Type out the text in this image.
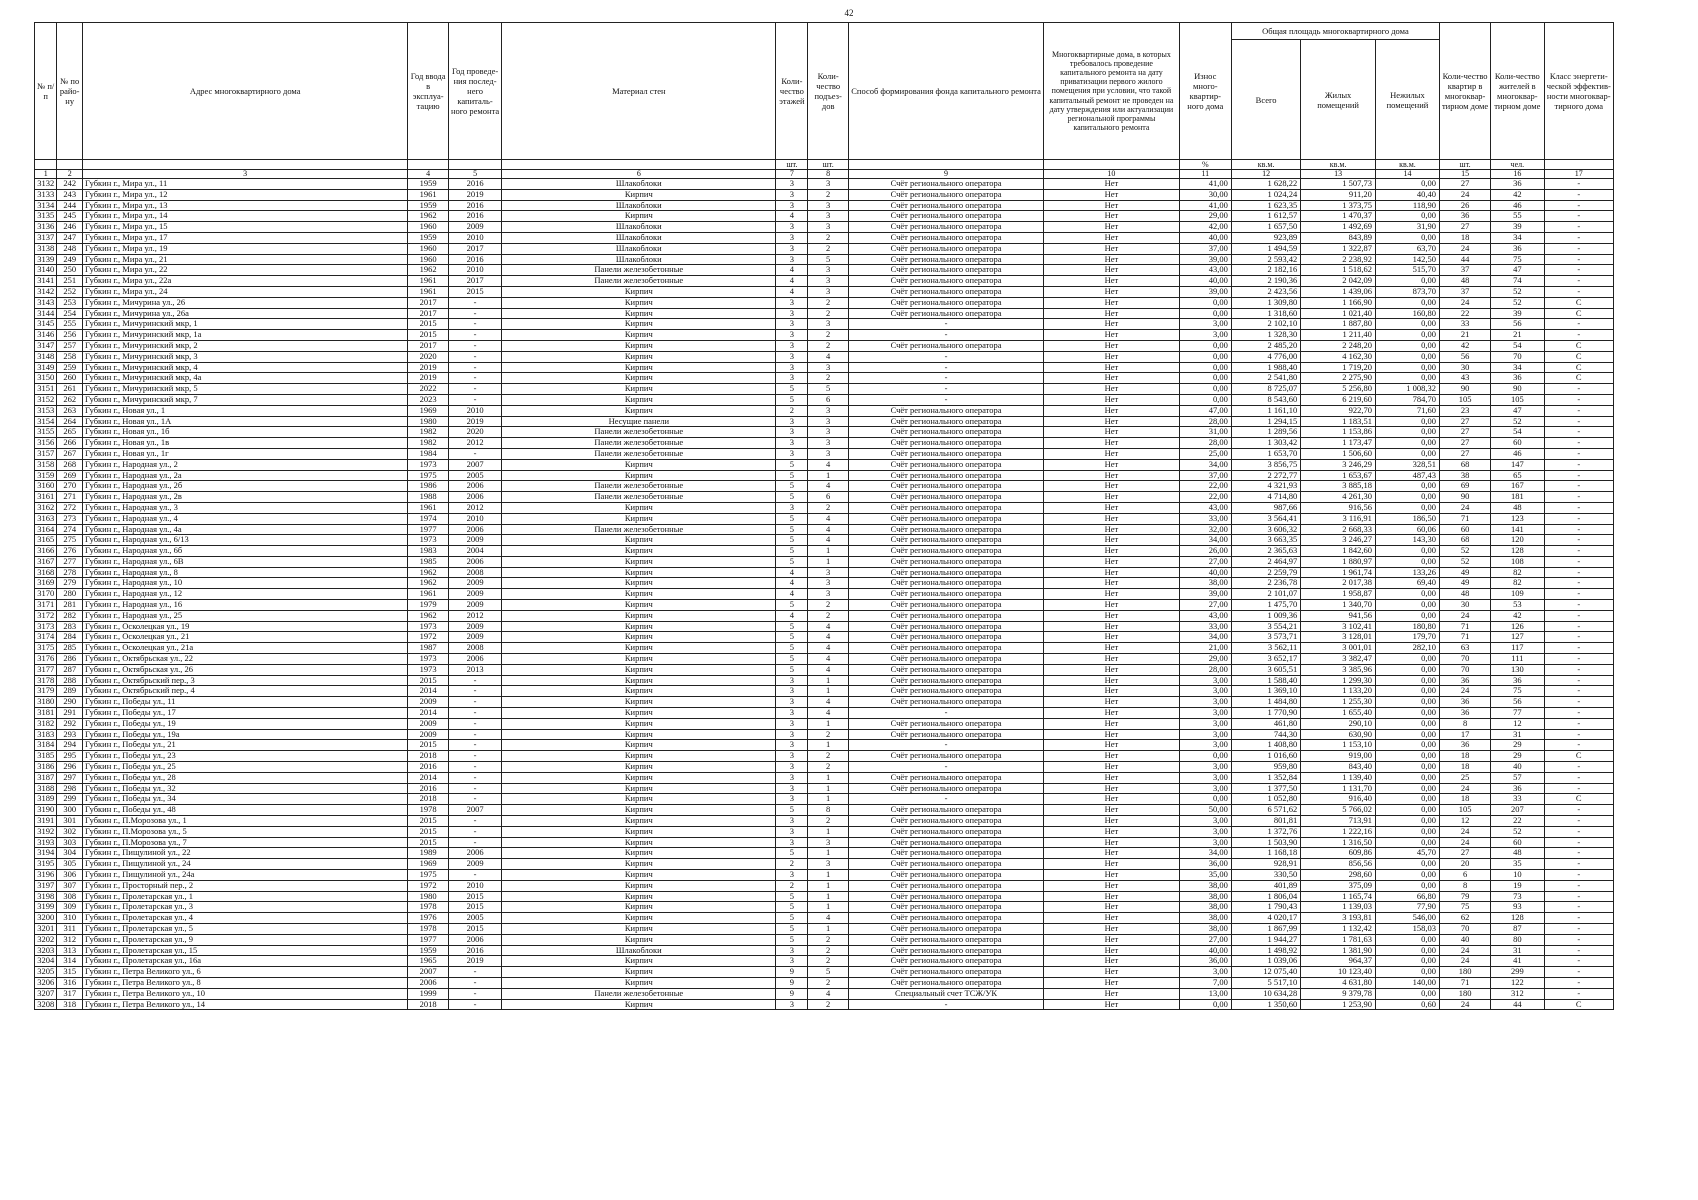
42
№ п/п	№ по райо-ну	Адрес многоквартирного дома	Год ввода в эксплуа-тацию	Год проведе-ния послед-него капиталь-ного ремонта	Материал стен	Коли-чество этажей	Коли-чество подъез-дов	Способ формирования фонда капитального ремонта	Многоквартирные дома, в которых требовалось проведение капитального ремонта на дату приватизации первого жилого помещения при условии, что такой капитальный ремонт не проведен на дату утверждения или актуализации региональной программы капитального ремонта	Износ много-квартир-ного дома	Общая площадь многоквартирного дома			Коли-чество квартир в многоквар-тирном доме	Коли-чество жителей в многоквар-тирном доме	Класс энергети-ческой эффектив-ности многоквар-тирного дома
											Всего	Жилых помещений	Нежилых помещений			
						шт.	шт.			%	кв.м.	кв.м.	кв.м.	шт.	чел.	
1	2	3	4	5	6	7	8	9	10	11	12	13	14	15	16	17
3132	242	Губкин г., Мира ул., 11	1959	2016	Шлакоблоки	3	3	Счёт регионального оператора	Нет	41,00	1 628,22	1 507,73	0,00	27	36	-
3133	243	Губкин г., Мира ул., 12	1961	2019	Кирпич	3	2	Счёт регионального оператора	Нет	30,00	1 024,24	911,20	40,40	24	42	-
3134	244	Губкин г., Мира ул., 13	1959	2016	Шлакоблоки	3	3	Счёт регионального оператора	Нет	41,00	1 623,35	1 373,75	118,90	26	46	-
3135	245	Губкин г., Мира ул., 14	1962	2016	Кирпич	4	3	Счёт регионального оператора	Нет	29,00	1 612,57	1 470,37	0,00	36	55	-
3136	246	Губкин г., Мира ул., 15	1960	2009	Шлакоблоки	3	3	Счёт регионального оператора	Нет	42,00	1 657,50	1 492,69	31,90	27	39	-
3137	247	Губкин г., Мира ул., 17	1959	2010	Шлакоблоки	3	2	Счёт регионального оператора	Нет	40,00	923,89	843,89	0,00	18	34	-
3138	248	Губкин г., Мира ул., 19	1960	2017	Шлакоблоки	3	2	Счёт регионального оператора	Нет	37,00	1 494,59	1 322,87	63,70	24	36	-
3139	249	Губкин г., Мира ул., 21	1960	2016	Шлакоблоки	3	5	Счёт регионального оператора	Нет	39,00	2 593,42	2 238,92	142,50	44	75	-
3140	250	Губкин г., Мира ул., 22	1962	2010	Панели железобетонные	4	3	Счёт регионального оператора	Нет	43,00	2 182,16	1 518,62	515,70	37	47	-
3141	251	Губкин г., Мира ул., 22а	1961	2017	Панели железобетонные	4	3	Счёт регионального оператора	Нет	40,00	2 190,36	2 042,09	0,00	48	74	-
3142	252	Губкин г., Мира ул., 24	1961	2015	Кирпич	4	3	Счёт регионального оператора	Нет	39,00	2 423,56	1 439,06	873,70	37	52	-
3143	253	Губкин г., Мичурина ул., 26	2017	-	Кирпич	3	2	Счёт регионального оператора	Нет	0,00	1 309,80	1 166,90	0,00	24	52	C
3144	254	Губкин г., Мичурина ул., 26а	2017	-	Кирпич	3	2	Счёт регионального оператора	Нет	0,00	1 318,60	1 021,40	160,80	22	39	C
3145	255	Губкин г., Мичуринский мкр, 1	2015	-	Кирпич	3	3	-	Нет	3,00	2 102,10	1 887,80	0,00	33	56	-
3146	256	Губкин г., Мичуринский мкр, 1а	2015	-	Кирпич	3	2	-	Нет	3,00	1 328,30	1 211,40	0,00	21	21	-
3147	257	Губкин г., Мичуринский мкр, 2	2017	-	Кирпич	3	2	Счёт регионального оператора	Нет	0,00	2 485,20	2 248,20	0,00	42	54	C
3148	258	Губкин г., Мичуринский мкр, 3	2020	-	Кирпич	3	4	-	Нет	0,00	4 776,00	4 162,30	0,00	56	70	C
3149	259	Губкин г., Мичуринский мкр, 4	2019	-	Кирпич	3	3	-	Нет	0,00	1 988,40	1 719,20	0,00	30	34	C
3150	260	Губкин г., Мичуринский мкр, 4а	2019	-	Кирпич	3	2	-	Нет	0,00	2 541,80	2 275,90	0,00	43	36	C
3151	261	Губкин г., Мичуринский мкр, 5	2022	-	Кирпич	5	5	-	Нет	0,00	8 725,07	5 256,80	1 008,32	90	90	-
3152	262	Губкин г., Мичуринский мкр, 7	2023	-	Кирпич	5	6	-	Нет	0,00	8 543,60	6 219,60	784,70	105	105	-
3153	263	Губкин г., Новая ул., 1	1969	2010	Кирпич	2	3	Счёт регионального оператора	Нет	47,00	1 161,10	922,70	71,60	23	47	-
3154	264	Губкин г., Новая ул., 1А	1980	2019	Несущие панели	3	3	Счёт регионального оператора	Нет	28,00	1 294,15	1 183,51	0,00	27	52	-
3155	265	Губкин г., Новая ул., 1б	1982	2020	Панели железобетонные	3	3	Счёт регионального оператора	Нет	31,00	1 289,56	1 153,86	0,00	27	54	-
3156	266	Губкин г., Новая ул., 1в	1982	2012	Панели железобетонные	3	3	Счёт регионального оператора	Нет	28,00	1 303,42	1 173,47	0,00	27	60	-
3157	267	Губкин г., Новая ул., 1г	1984	-	Панели железобетонные	3	3	Счёт регионального оператора	Нет	25,00	1 653,70	1 506,60	0,00	27	46	-
3158	268	Губкин г., Народная ул., 2	1973	2007	Кирпич	5	4	Счёт регионального оператора	Нет	34,00	3 856,75	3 246,29	328,51	68	147	-
3159	269	Губкин г., Народная ул., 2а	1975	2005	Кирпич	5	1	Счёт регионального оператора	Нет	37,00	2 272,77	1 653,67	487,43	38	65	-
3160	270	Губкин г., Народная ул., 2б	1986	2006	Панели железобетонные	5	4	Счёт регионального оператора	Нет	22,00	4 321,93	3 885,18	0,00	69	167	-
3161	271	Губкин г., Народная ул., 2в	1988	2006	Панели железобетонные	5	6	Счёт регионального оператора	Нет	22,00	4 714,80	4 261,30	0,00	90	181	-
3162	272	Губкин г., Народная ул., 3	1961	2012	Кирпич	3	2	Счёт регионального оператора	Нет	43,00	987,66	916,56	0,00	24	48	-
3163	273	Губкин г., Народная ул., 4	1974	2010	Кирпич	5	4	Счёт регионального оператора	Нет	33,00	3 564,41	3 116,91	186,50	71	123	-
3164	274	Губкин г., Народная ул., 4а	1977	2006	Панели железобетонные	5	4	Счёт регионального оператора	Нет	32,00	3 606,32	2 668,33	60,06	60	141	-
3165	275	Губкин г., Народная ул., 6/13	1973	2009	Кирпич	5	4	Счёт регионального оператора	Нет	34,00	3 663,35	3 246,27	143,30	68	120	-
3166	276	Губкин г., Народная ул., 6б	1983	2004	Кирпич	5	1	Счёт регионального оператора	Нет	26,00	2 365,63	1 842,60	0,00	52	128	-
3167	277	Губкин г., Народная ул., 6В	1985	2006	Кирпич	5	1	Счёт регионального оператора	Нет	27,00	2 464,97	1 880,97	0,00	52	108	-
3168	278	Губкин г., Народная ул., 8	1962	2008	Кирпич	4	3	Счёт регионального оператора	Нет	40,00	2 259,79	1 961,74	133,26	49	82	-
3169	279	Губкин г., Народная ул., 10	1962	2009	Кирпич	4	3	Счёт регионального оператора	Нет	38,00	2 236,78	2 017,38	69,40	49	82	-
3170	280	Губкин г., Народная ул., 12	1961	2009	Кирпич	4	3	Счёт регионального оператора	Нет	39,00	2 101,07	1 958,87	0,00	48	109	-
3171	281	Губкин г., Народная ул., 16	1979	2009	Кирпич	5	2	Счёт регионального оператора	Нет	27,00	1 475,70	1 340,70	0,00	30	53	-
3172	282	Губкин г., Народная ул., 25	1962	2012	Кирпич	4	2	Счёт регионального оператора	Нет	43,00	1 009,36	941,56	0,00	24	42	-
3173	283	Губкин г., Осколецкая ул., 19	1973	2009	Кирпич	5	4	Счёт регионального оператора	Нет	33,00	3 554,21	3 102,41	180,80	71	126	-
3174	284	Губкин г., Осколецкая ул., 21	1972	2009	Кирпич	5	4	Счёт регионального оператора	Нет	34,00	3 573,71	3 128,01	179,70	71	127	-
3175	285	Губкин г., Осколецкая ул., 21а	1987	2008	Кирпич	5	4	Счёт регионального оператора	Нет	21,00	3 562,11	3 001,01	282,10	63	117	-
3176	286	Губкин г., Октябрьская ул., 22	1973	2006	Кирпич	5	4	Счёт регионального оператора	Нет	29,00	3 652,17	3 382,47	0,00	70	111	-
3177	287	Губкин г., Октябрьская ул., 26	1973	2013	Кирпич	5	4	Счёт регионального оператора	Нет	28,00	3 605,51	3 385,96	0,00	70	130	-
3178	288	Губкин г., Октябрьский пер., 3	2015	-	Кирпич	3	1	Счёт регионального оператора	Нет	3,00	1 588,40	1 299,30	0,00	36	36	-
3179	289	Губкин г., Октябрьский пер., 4	2014	-	Кирпич	3	1	Счёт регионального оператора	Нет	3,00	1 369,10	1 133,20	0,00	24	75	-
3180	290	Губкин г., Победы ул., 11	2009	-	Кирпич	3	4	Счёт регионального оператора	Нет	3,00	1 484,80	1 255,30	0,00	36	56	-
3181	291	Губкин г., Победы ул., 17	2014	-	Кирпич	3	4	-	Нет	3,00	1 770,90	1 655,40	0,00	36	77	-
3182	292	Губкин г., Победы ул., 19	2009	-	Кирпич	3	1	Счёт регионального оператора	Нет	3,00	461,80	290,10	0,00	8	12	-
3183	293	Губкин г., Победы ул., 19а	2009	-	Кирпич	3	2	Счёт регионального оператора	Нет	3,00	744,30	630,90	0,00	17	31	-
3184	294	Губкин г., Победы ул., 21	2015	-	Кирпич	3	1	-	Нет	3,00	1 408,80	1 153,10	0,00	36	29	-
3185	295	Губкин г., Победы ул., 23	2018	-	Кирпич	3	2	Счёт регионального оператора	Нет	0,00	1 016,60	919,00	0,00	18	29	C
3186	296	Губкин г., Победы ул., 25	2016	-	Кирпич	3	2	-	Нет	3,00	959,80	843,40	0,00	18	40	-
3187	297	Губкин г., Победы ул., 28	2014	-	Кирпич	3	1	Счёт регионального оператора	Нет	3,00	1 352,84	1 139,40	0,00	25	57	-
3188	298	Губкин г., Победы ул., 32	2016	-	Кирпич	3	1	Счёт регионального оператора	Нет	3,00	1 377,50	1 131,70	0,00	24	36	-
3189	299	Губкин г., Победы ул., 34	2018	-	Кирпич	3	1	-	Нет	0,00	1 052,80	916,40	0,00	18	33	C
3190	300	Губкин г., Победы ул., 48	1978	2007	Кирпич	5	8	Счёт регионального оператора	Нет	50,00	6 571,62	5 766,02	0,00	105	207	-
3191	301	Губкин г., П.Морозова ул., 1	2015	-	Кирпич	3	2	Счёт регионального оператора	Нет	3,00	801,81	713,91	0,00	12	22	-
3192	302	Губкин г., П.Морозова ул., 5	2015	-	Кирпич	3	1	Счёт регионального оператора	Нет	3,00	1 372,76	1 222,16	0,00	24	52	-
3193	303	Губкин г., П.Морозова ул., 7	2015	-	Кирпич	3	3	Счёт регионального оператора	Нет	3,00	1 503,90	1 316,50	0,00	24	60	-
3194	304	Губкин г., Пищулиной ул., 22	1989	2006	Кирпич	5	1	Счёт регионального оператора	Нет	34,00	1 168,18	609,86	45,70	27	48	-
3195	305	Губкин г., Пищулиной ул., 24	1969	2009	Кирпич	2	3	Счёт регионального оператора	Нет	36,00	928,91	856,56	0,00	20	35	-
3196	306	Губкин г., Пищулиной ул., 24а	1975	-	Кирпич	3	1	Счёт регионального оператора	Нет	35,00	330,50	298,60	0,00	6	10	-
3197	307	Губкин г., Просторный пер., 2	1972	2010	Кирпич	2	1	Счёт регионального оператора	Нет	38,00	401,89	375,09	0,00	8	19	-
3198	308	Губкин г., Пролетарская ул., 1	1980	2015	Кирпич	5	1	Счёт регионального оператора	Нет	38,00	1 806,04	1 165,74	66,80	79	73	-
3199	309	Губкин г., Пролетарская ул., 3	1978	2015	Кирпич	5	1	Счёт регионального оператора	Нет	38,00	1 790,43	1 139,03	77,90	75	93	-
3200	310	Губкин г., Пролетарская ул., 4	1976	2005	Кирпич	5	4	Счёт регионального оператора	Нет	38,00	4 020,17	3 193,81	546,00	62	128	-
3201	311	Губкин г., Пролетарская ул., 5	1978	2015	Кирпич	5	1	Счёт регионального оператора	Нет	38,00	1 867,99	1 132,42	158,03	70	87	-
3202	312	Губкин г., Пролетарская ул., 9	1977	2006	Кирпич	5	2	Счёт регионального оператора	Нет	27,00	1 944,27	1 781,63	0,00	40	80	-
3203	313	Губкин г., Пролетарская ул., 15	1959	2016	Шлакоблоки	3	2	Счёт регионального оператора	Нет	40,00	1 498,92	1 381,90	0,00	24	31	-
3204	314	Губкин г., Пролетарская ул., 16а	1965	2019	Кирпич	3	2	Счёт регионального оператора	Нет	36,00	1 039,06	964,37	0,00	24	41	-
3205	315	Губкин г., Петра Великого ул., 6	2007	-	Кирпич	9	5	Счёт регионального оператора	Нет	3,00	12 075,40	10 123,40	0,00	180	299	-
3206	316	Губкин г., Петра Великого ул., 8	2006	-	Кирпич	9	2	Счёт регионального оператора	Нет	7,00	5 517,10	4 631,80	140,00	71	122	-
3207	317	Губкин г., Петра Великого ул., 10	1999	-	Панели железобетонные	9	4	Специальный счет ТСЖ/УК	Нет	13,00	10 634,28	9 379,78	0,00	180	312	-
3208	318	Губкин г., Петра Великого ул., 14	2018	-	Кирпич	3	2	-	Нет	0,00	1 350,60	1 253,90	0,60	24	44	C
